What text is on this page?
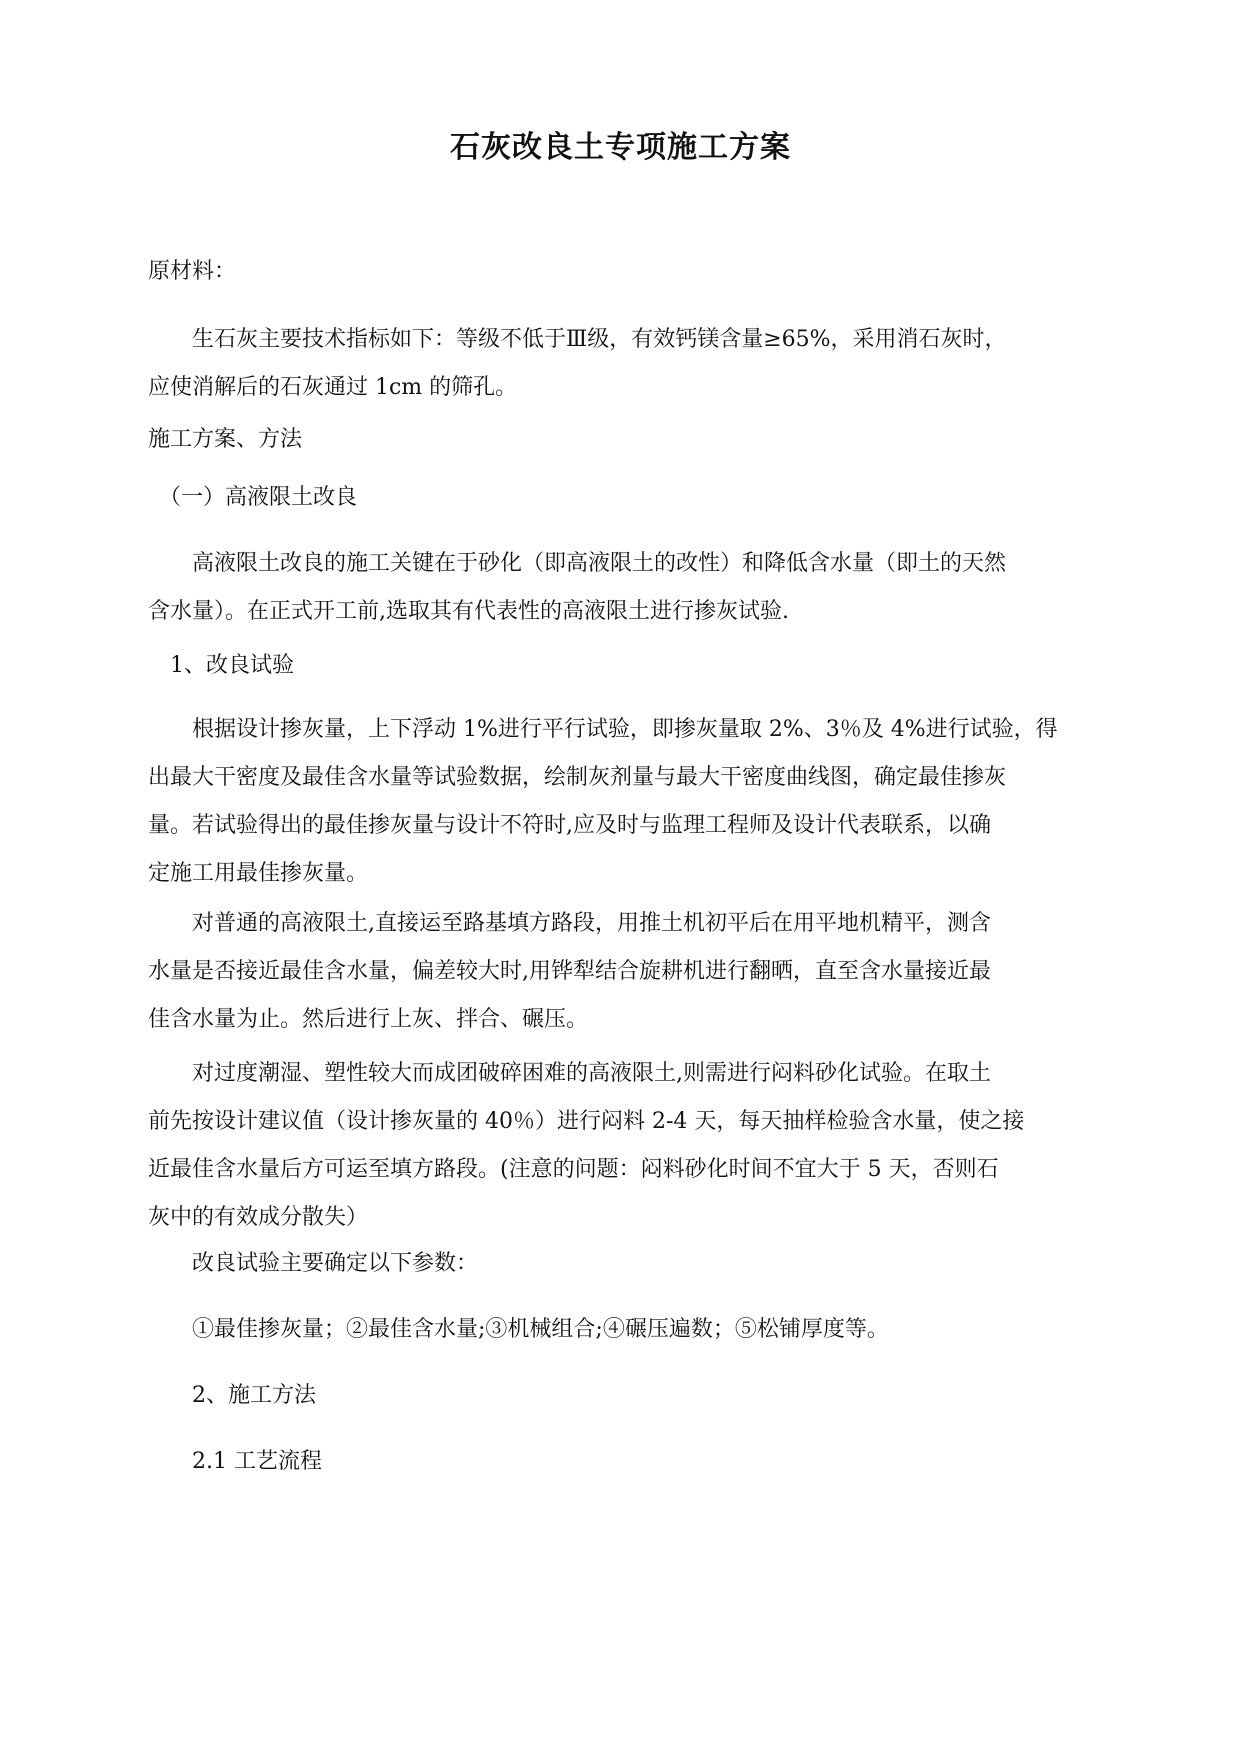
石灰改良土专项施工方案
原材料：
　　生石灰主要技术指标如下：等级不低于Ⅲ级，有效钙镁含量≥65%，采用消石灰时，
应使消解后的石灰通过 1cm 的筛孔。
施工方案、方法
　（一）高液限土改良
　　高液限土改良的施工关键在于砂化（即高液限土的改性）和降低含水量（即土的天然
含水量）。在正式开工前,选取其有代表性的高液限土进行掺灰试验.
　1、改良试验
　　根据设计掺灰量，上下浮动 1%进行平行试验，即掺灰量取 2%、3％及 4%进行试验，得
出最大干密度及最佳含水量等试验数据，绘制灰剂量与最大干密度曲线图，确定最佳掺灰
量。若试验得出的最佳掺灰量与设计不符时,应及时与监理工程师及设计代表联系，以确
定施工用最佳掺灰量。
　　对普通的高液限土,直接运至路基填方路段，用推土机初平后在用平地机精平，测含
水量是否接近最佳含水量，偏差较大时,用铧犁结合旋耕机进行翻晒，直至含水量接近最
佳含水量为止。然后进行上灰、拌合、碾压。
　　对过度潮湿、塑性较大而成团破碎困难的高液限土,则需进行闷料砂化试验。在取土
前先按设计建议值（设计掺灰量的 40％）进行闷料 2-4 天，每天抽样检验含水量，使之接
近最佳含水量后方可运至填方路段。(注意的问题：闷料砂化时间不宜大于 5 天，否则石
灰中的有效成分散失）
　　改良试验主要确定以下参数：
　　①最佳掺灰量；②最佳含水量;③机械组合;④碾压遍数；⑤松铺厚度等。
　　2、施工方法
　　2.1 工艺流程
